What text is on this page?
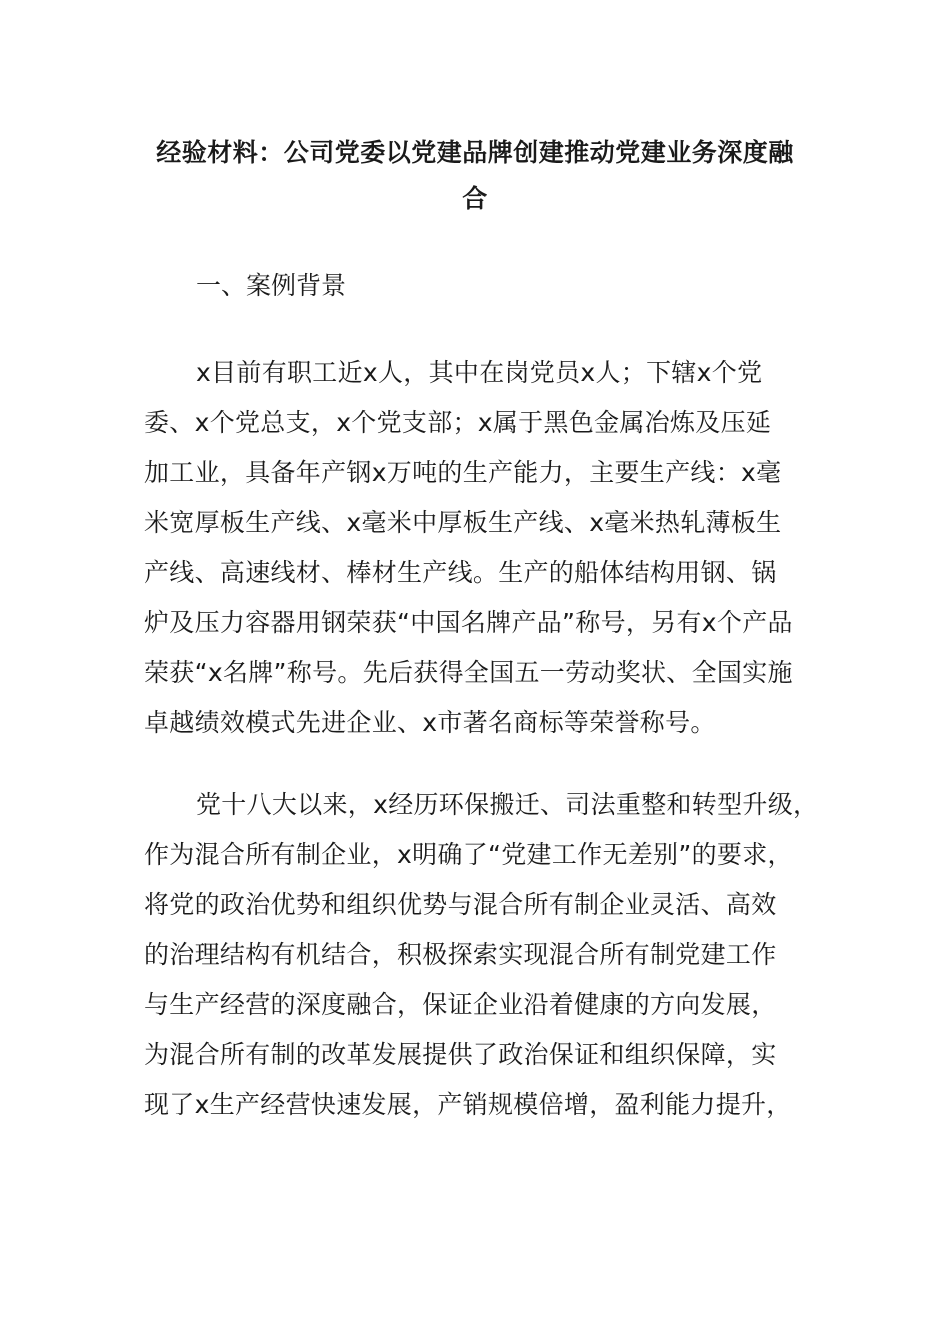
经验材料：公司党委以党建品牌创建推动党建业务深度融
合
一、案例背景
x目前有职工近x人，其中在岗党员x人；下辖x个党
委、x个党总支，x个党支部；x属于黑色金属冶炼及压延
加工业，具备年产钢x万吨的生产能力，主要生产线：x毫
米宽厚板生产线、x毫米中厚板生产线、x毫米热轧薄板生
产线、高速线材、棒材生产线。生产的船体结构用钢、锅
炉及压力容器用钢荣获“中国名牌产品”称号，另有x个产品
荣获“x名牌”称号。先后获得全国五一劳动奖状、全国实施
卓越绩效模式先进企业、x市著名商标等荣誉称号。
党十八大以来，x经历环保搬迁、司法重整和转型升级，
作为混合所有制企业，x明确了“党建工作无差别”的要求，
将党的政治优势和组织优势与混合所有制企业灵活、高效
的治理结构有机结合，积极探索实现混合所有制党建工作
与生产经营的深度融合，保证企业沿着健康的方向发展，
为混合所有制的改革发展提供了政治保证和组织保障，实
现了x生产经营快速发展，产销规模倍增，盈利能力提升，
